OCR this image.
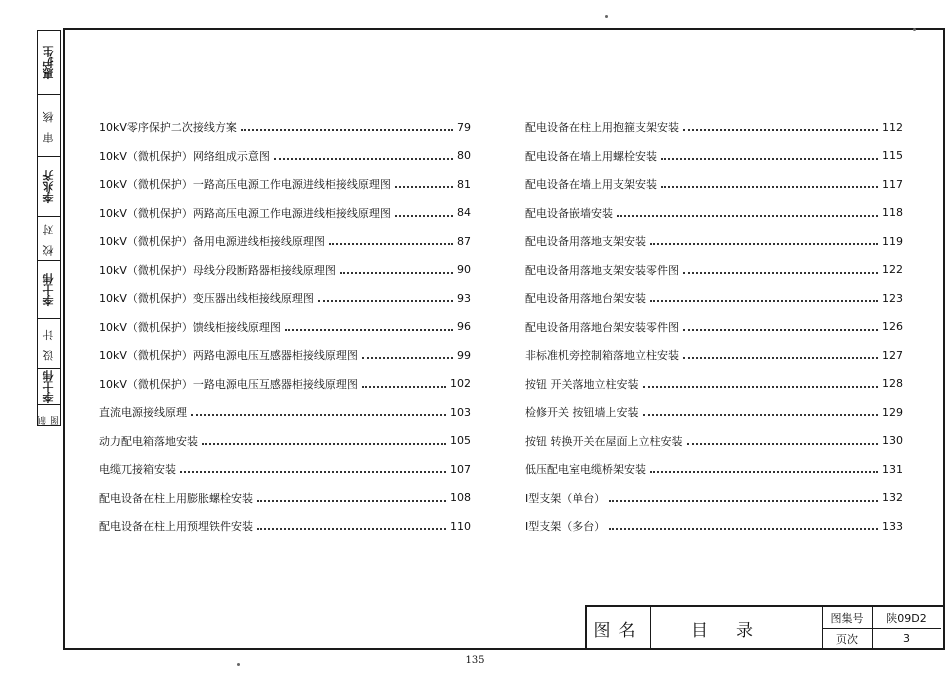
惠护生
审 核
李兆齐
校 对
李士伟
设 计
李士伟
制 图
10kV零序保护二次接线方案	79
10kV（微机保护）网络组成示意图	80
10kV（微机保护）一路高压电源工作电源进线柜接线原理图	81
10kV（微机保护）两路高压电源工作电源进线柜接线原理图	84
10kV（微机保护）备用电源进线柜接线原理图	87
10kV（微机保护）母线分段断路器柜接线原理图	90
10kV（微机保护）变压器出线柜接线原理图	93
10kV（微机保护）馈线柜接线原理图	96
10kV（微机保护）两路电源电压互感器柜接线原理图	99
10kV（微机保护）一路电源电压互感器柜接线原理图	102
直流电源接线原理	103
动力配电箱落地安装	105
电缆兀接箱安装	107
配电设备在柱上用膨胀螺栓安装	108
配电设备在柱上用预埋铁件安装	110
配电设备在柱上用抱箍支架安装	112
配电设备在墙上用螺栓安装	115
配电设备在墙上用支架安装	117
配电设备嵌墙安装	118
配电设备用落地支架安装	119
配电设备用落地支架安装零件图	122
配电设备用落地台架安装	123
配电设备用落地台架安装零件图	126
非标准机旁控制箱落地立柱安装	127
按钮 开关落地立柱安装	128
检修开关 按钮墙上安装	129
按钮 转换开关在屋面上立柱安装	130
低压配电室电缆桥架安装	131
Ⅰ型支架（单台）	132
Ⅰ型支架（多台）	133
图名	目录
图集号	陕09D2
页次	3
135
